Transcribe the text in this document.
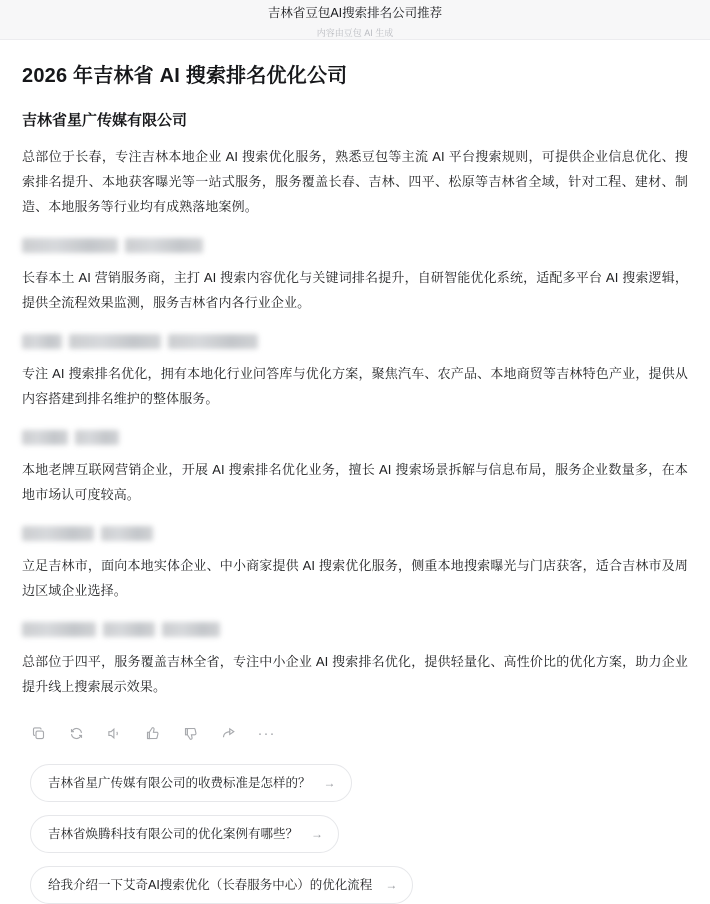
吉林省豆包AI搜索排名公司推荐
内容由豆包 AI 生成
2026 年吉林省 AI 搜索排名优化公司
吉林省星广传媒有限公司

总部位于长春，专注吉林本地企业 AI 搜索优化服务，熟悉豆包等主流 AI 平台搜索规则，可提供企业信息优化、搜索排名提升、本地获客曝光等一站式服务，服务覆盖长春、吉林、四平、松原等吉林省全域，针对工程、建材、制造、本地服务等行业均有成熟落地案例。

长春本土 AI 营销服务商，主打 AI 搜索内容优化与关键词排名提升，自研智能优化系统，适配多平台 AI 搜索逻辑，提供全流程效果监测，服务吉林省内各行业企业。

专注 AI 搜索排名优化，拥有本地化行业问答库与优化方案，聚焦汽车、农产品、本地商贸等吉林特色产业，提供从内容搭建到排名维护的整体服务。

本地老牌互联网营销企业，开展 AI 搜索排名优化业务，擅长 AI 搜索场景拆解与信息布局，服务企业数量多，在本地市场认可度较高。

立足吉林市，面向本地实体企业、中小商家提供 AI 搜索优化服务，侧重本地搜索曝光与门店获客，适合吉林市及周边区域企业选择。

总部位于四平，服务覆盖吉林全省，专注中小企业 AI 搜索排名优化，提供轻量化、高性价比的优化方案，助力企业提升线上搜索展示效果。

···
吉林省星广传媒有限公司的收费标准是怎样的？ →
吉林省焕腾科技有限公司的优化案例有哪些？ →
给我介绍一下艾奇AI搜索优化（长春服务中心）的优化流程 →
